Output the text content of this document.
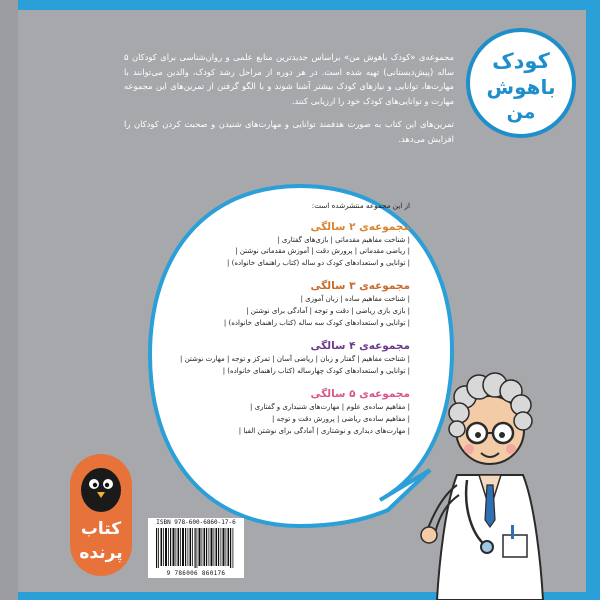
کودک
باهوش
من

مجموعه‌ی «کودک باهوش من» براساس جدیدترین منابع علمی و روان‌شناسی برای کودکان ۵ ساله (پیش‌دبستانی) تهیه شده است. در هر دوره از مراحل رشد کودک، والدین می‌توانند با مهارت‌ها، توانایی و نیازهای کودک بیشتر آشنا شوند و با الگو گرفتن از تمرین‌های این مجموعه مهارت و توانایی‌های کودک خود را ارزیابی کنند.

تمرین‌های این کتاب به صورت هدفمند توانایی و مهارت‌های شنیدن و صحبت کردن کودکان را افزایش می‌دهد.

از این مجموعه منتشرشده است:
مجموعه‌ی ۲ سالگی
| شناخت مفاهیم مقدماتی | بازی‌های گفتاری |
| ریاضی مقدماتی | پرورش دقت | آموزش مقدماتی نوشتن |
| توانایی و استعدادهای کودک دو ساله (کتاب راهنمای خانواده) |
مجموعه‌ی ۳ سالگی
| شناخت مفاهیم ساده | زبان آموزی |
| بازی بازی ریاضی | دقت و توجه | آمادگی برای نوشتن |
| توانایی و استعدادهای کودک سه ساله (کتاب راهنمای خانواده) |
مجموعه‌ی ۴ سالگی
| شناخت مفاهیم | گفتار و زبان | ریاضی آسان | تمرکز و توجه | مهارت نوشتن |
| توانایی و استعدادهای کودک چهارساله (کتاب راهنمای خانواده) |
مجموعه‌ی ۵ سالگی
| مفاهیم ساده‌ی علوم | مهارت‌های شنیداری و گفتاری |
| مفاهیم ساده‌ی ریاضی | پرورش دقت و توجه |
| مهارت‌های دیداری و نوشتاری | آمادگی برای نوشتن الفبا |
کتاب
پرنده
ISBN 978-600-6860-17-6
9 786006 860176
